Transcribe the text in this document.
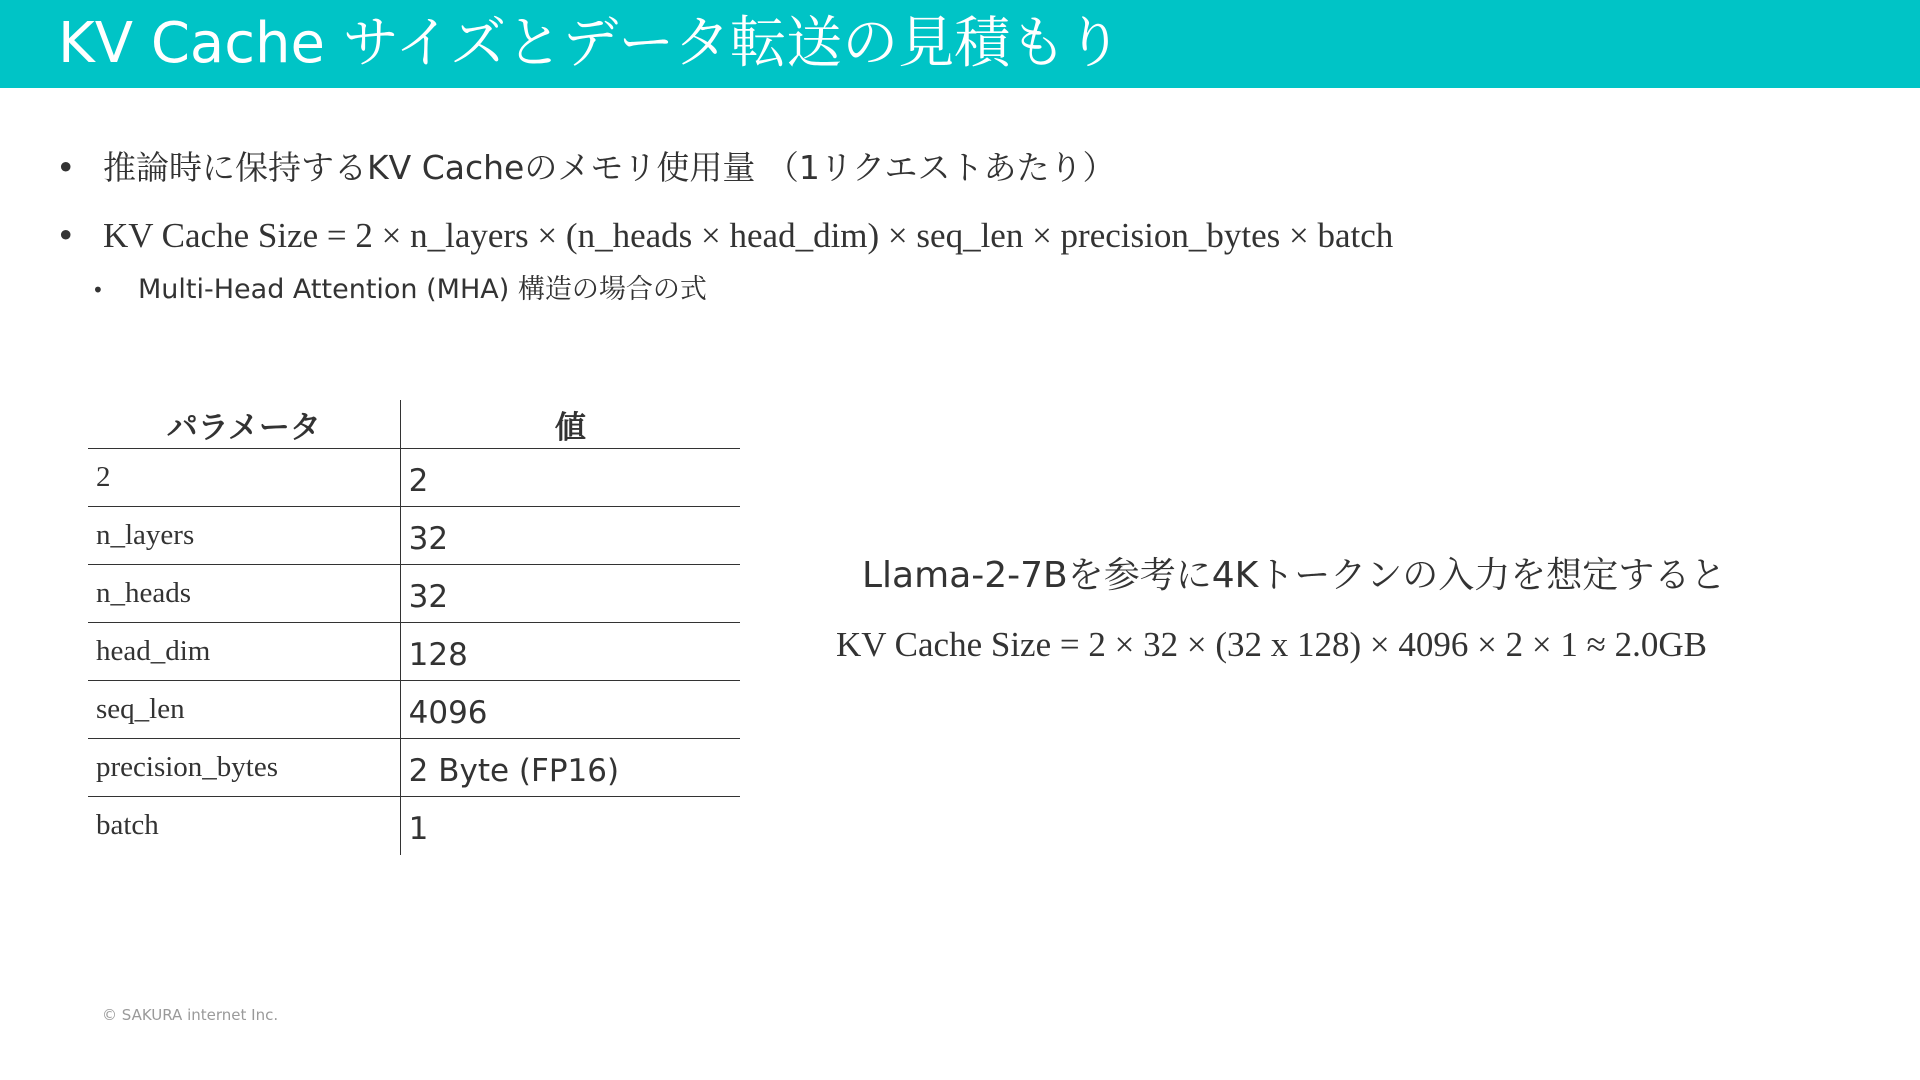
KV Cache サイズとデータ転送の見積もり
• 推論時に保持するKV Cacheのメモリ使用量 （1リクエストあたり）
• KV Cache Size = 2 × n_layers × (n_heads × head_dim) × seq_len × precision_bytes × batch
• Multi-Head Attention (MHA) 構造の場合の式
パラメータ	値
2	2
n_layers	32
n_heads	32
head_dim	128
seq_len	4096
precision_bytes	2 Byte (FP16)
batch	1
Llama-2-7Bを参考に4Kトークンの入力を想定すると
KV Cache Size = 2 × 32 × (32 x 128) × 4096 × 2 × 1 ≈ 2.0GB
© SAKURA internet Inc.
